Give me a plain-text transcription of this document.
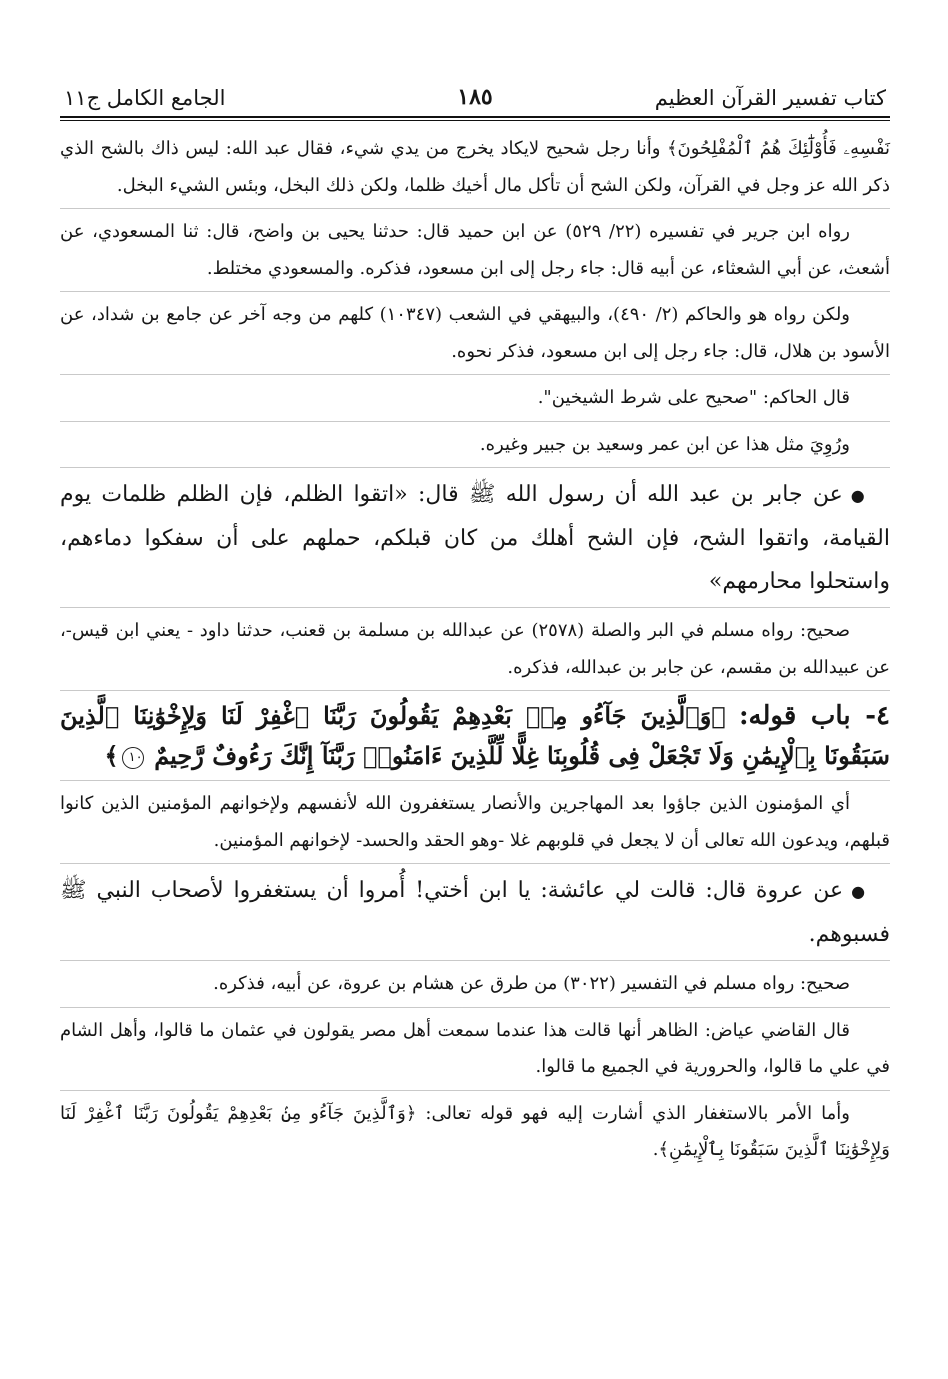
كتاب تفسير القرآن العظيم
١٨٥
الجامع الكامل ج١١

نَفْسِهِۦ فَأُوْلَٰٓئِكَ هُمُ ٱلْمُفْلِحُونَ﴾ وأنا رجل شحيح لايكاد يخرج من يدي شيء، فقال عبد الله: ليس ذاك بالشح الذي ذكر الله عز وجل في القرآن، ولكن الشح أن تأكل مال أخيك ظلما، ولكن ذلك البخل، وبئس الشيء البخل.

رواه ابن جرير في تفسيره (٢٢/ ٥٢٩) عن ابن حميد قال: حدثنا يحيى بن واضح، قال: ثنا المسعودي، عن أشعث، عن أبي الشعثاء، عن أبيه قال: جاء رجل إلى ابن مسعود، فذكره. والمسعودي مختلط.

ولكن رواه هو والحاكم (٢/ ٤٩٠)، والبيهقي في الشعب (١٠٣٤٧) كلهم من وجه آخر عن جامع بن شداد، عن الأسود بن هلال، قال: جاء رجل إلى ابن مسعود، فذكر نحوه.

قال الحاكم: "صحيح على شرط الشيخين".

ورُوِيَ مثل هذا عن ابن عمر وسعيد بن جبير وغيره.

●عن جابر بن عبد الله أن رسول الله ﷺ قال: «اتقوا الظلم، فإن الظلم ظلمات يوم القيامة، واتقوا الشح، فإن الشح أهلك من كان قبلكم، حملهم على أن سفكوا دماءهم، واستحلوا محارمهم»

صحيح: رواه مسلم في البر والصلة (٢٥٧٨) عن عبدالله بن مسلمة بن قعنب، حدثنا داود - يعني ابن قيس-، عن عبيدالله بن مقسم، عن جابر بن عبدالله، فذكره.

٤- باب قوله: ﴿وَٱلَّذِينَ جَآءُو مِنۢ بَعْدِهِمْ يَقُولُونَ رَبَّنَا ٱغْفِرْ لَنَا وَلِإِخْوَٰنِنَا ٱلَّذِينَ سَبَقُونَا بِٱلْإِيمَٰنِ وَلَا تَجْعَلْ فِى قُلُوبِنَا غِلًّا لِّلَّذِينَ ءَامَنُوا۟ رَبَّنَآ إِنَّكَ رَءُوفٌ رَّحِيمٌ ١٠﴾

أي المؤمنون الذين جاؤوا بعد المهاجرين والأنصار يستغفرون الله لأنفسهم ولإخوانهم المؤمنين الذين كانوا قبلهم، ويدعون الله تعالى أن لا يجعل في قلوبهم غلا -وهو الحقد والحسد- لإخوانهم المؤمنين.

●عن عروة قال: قالت لي عائشة: يا ابن أختي! أُمروا أن يستغفروا لأصحاب النبي ﷺ فسبوهم.

صحيح: رواه مسلم في التفسير (٣٠٢٢) من طرق عن هشام بن عروة، عن أبيه، فذكره.

قال القاضي عياض: الظاهر أنها قالت هذا عندما سمعت أهل مصر يقولون في عثمان ما قالوا، وأهل الشام في علي ما قالوا، والحرورية في الجميع ما قالوا.

وأما الأمر بالاستغفار الذي أشارت إليه فهو قوله تعالى: ﴿وَٱلَّذِينَ جَآءُو مِنۢ بَعْدِهِمْ يَقُولُونَ رَبَّنَا ٱغْفِرْ لَنَا وَلِإِخْوَٰنِنَا ٱلَّذِينَ سَبَقُونَا بِٱلْإِيمَٰنِ﴾.
